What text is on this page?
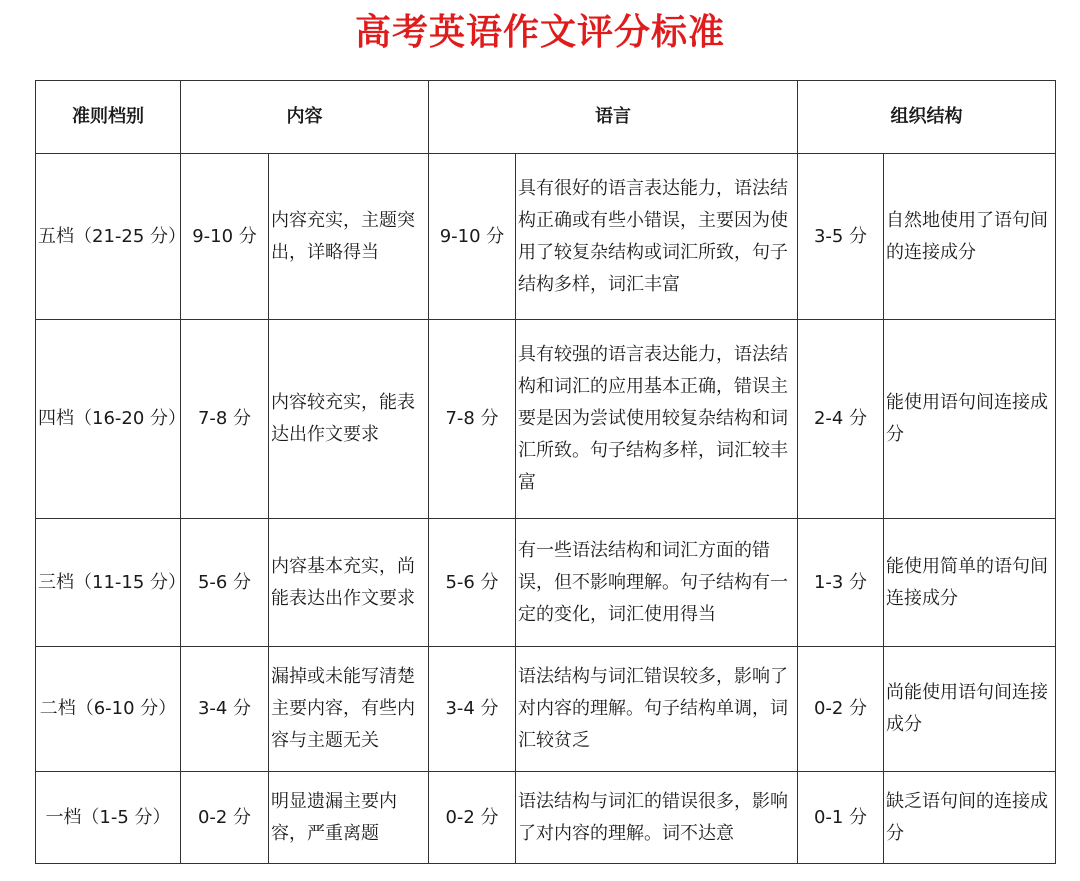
高考英语作文评分标准
准则档别	内容		语言		组织结构	
五档（21-25 分）	9-10 分	内容充实，主题突出，详略得当	9-10 分	具有很好的语言表达能力，语法结构正确或有些小错误，主要因为使用了较复杂结构或词汇所致，句子结构多样，词汇丰富	3-5 分	自然地使用了语句间的连接成分
四档（16-20 分）	7-8 分	内容较充实，能表达出作文要求	7-8 分	具有较强的语言表达能力，语法结构和词汇的应用基本正确，错误主要是因为尝试使用较复杂结构和词汇所致。句子结构多样，词汇较丰富	2-4 分	能使用语句间连接成分
三档（11-15 分）	5-6 分	内容基本充实，尚能表达出作文要求	5-6 分	有一些语法结构和词汇方面的错误，但不影响理解。句子结构有一定的变化，词汇使用得当	1-3 分	能使用简单的语句间连接成分
二档（6-10 分）	3-4 分	漏掉或未能写清楚主要内容，有些内容与主题无关	3-4 分	语法结构与词汇错误较多，影响了对内容的理解。句子结构单调，词汇较贫乏	0-2 分	尚能使用语句间连接成分
一档（1-5 分）	0-2 分	明显遗漏主要内容，严重离题	0-2 分	语法结构与词汇的错误很多，影响了对内容的理解。词不达意	0-1 分	缺乏语句间的连接成分
